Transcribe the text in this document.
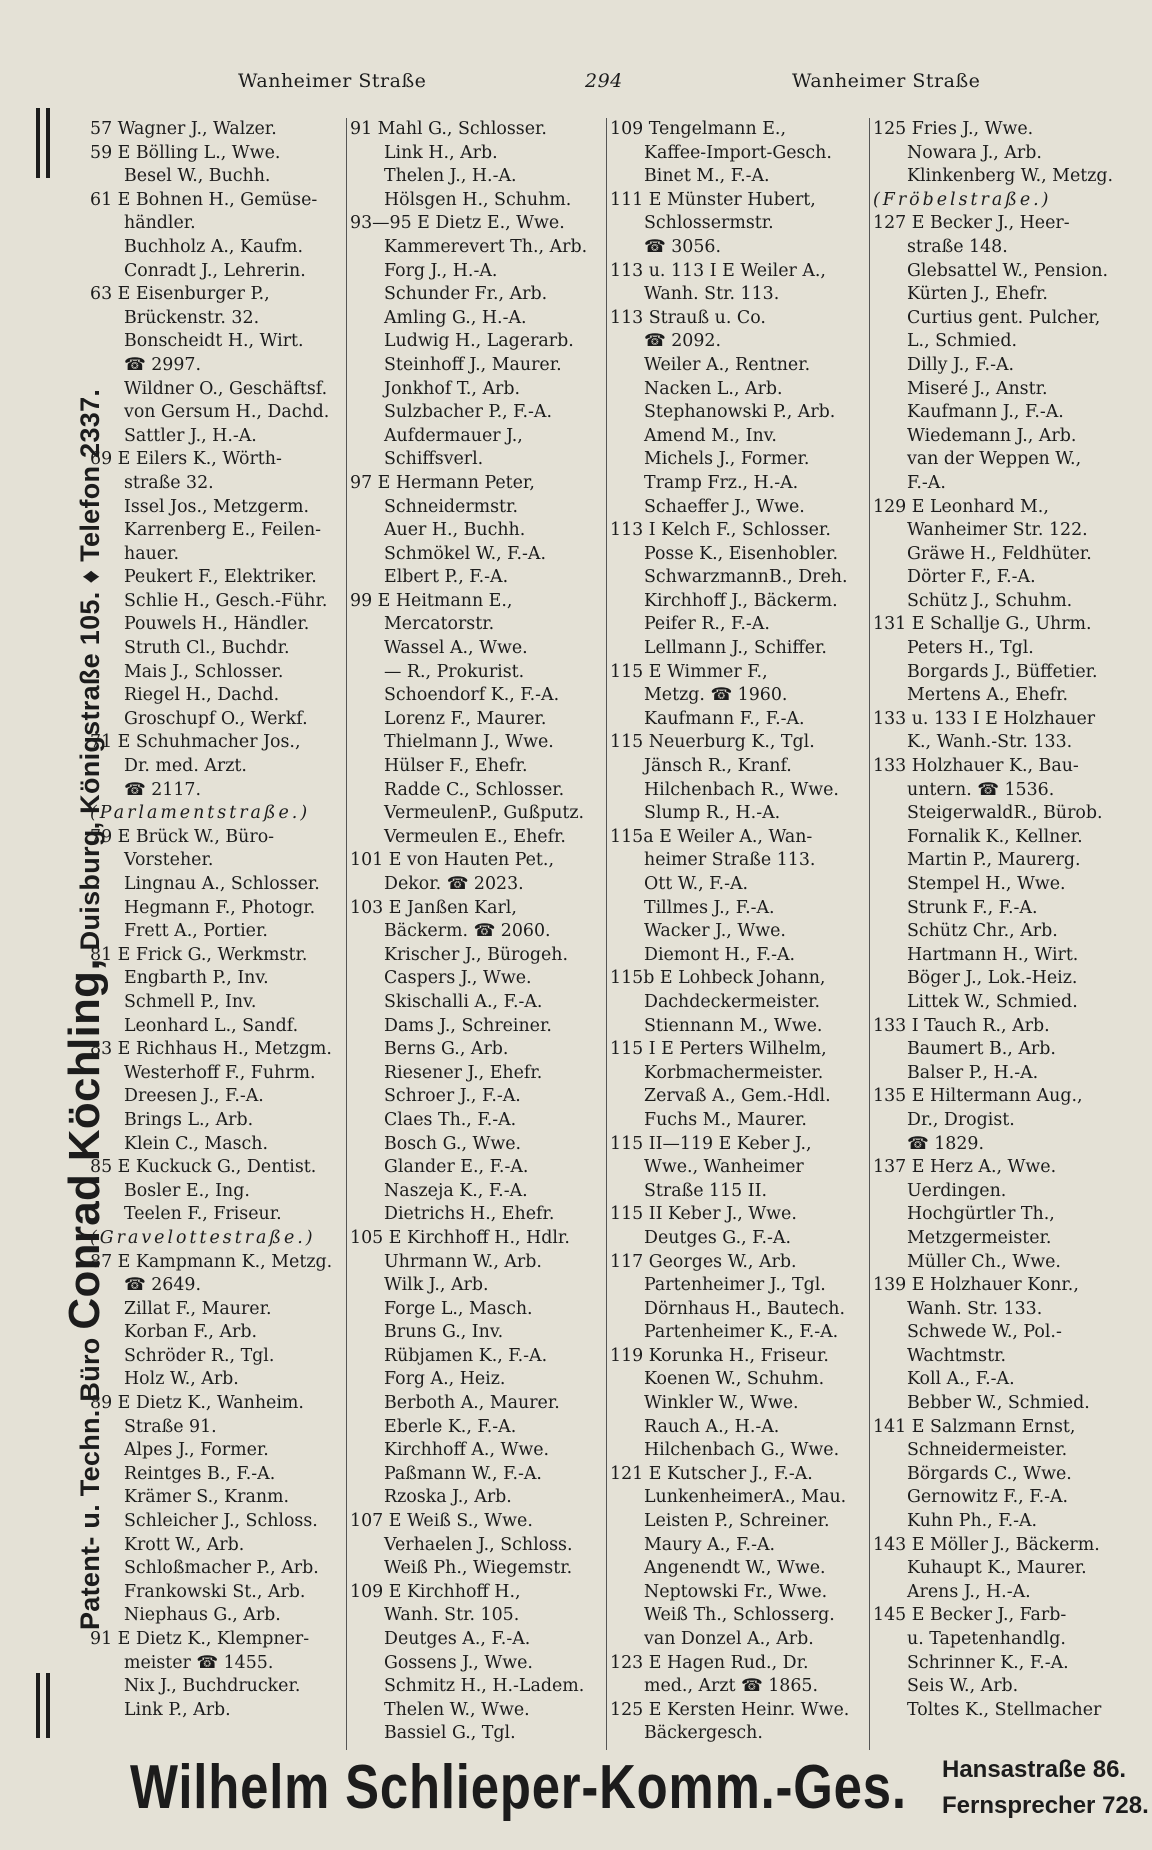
Wanheimer Straße	294	Wanheimer Straße
Patent- u. Techn. Büro Conrad Köchling, Duisburg, Königstraße 105. ♦ Telefon 2337.
57 Wagner J., Walzer.
59 E Bölling L., Wwe.
Besel W., Buchh.
61 E Bohnen H., Gemüse-
händler.
Buchholz A., Kaufm.
Conradt J., Lehrerin.
63 E Eisenburger P.,
Brückenstr. 32.
Bonscheidt H., Wirt.
☎ 2997.
Wildner O., Geschäftsf.
von Gersum H., Dachd.
Sattler J., H.-A.
69 E Eilers K., Wörth-
straße 32.
Issel Jos., Metzgerm.
Karrenberg E., Feilen-
hauer.
Peukert F., Elektriker.
Schlie H., Gesch.-Führ.
Pouwels H., Händler.
Struth Cl., Buchdr.
Mais J., Schlosser.
Riegel H., Dachd.
Groschupf O., Werkf.
71 E Schuhmacher Jos.,
Dr. med. Arzt.
☎ 2117.
(Parlamentstraße.)
79 E Brück W., Büro-
Vorsteher.
Lingnau A., Schlosser.
Hegmann F., Photogr.
Frett A., Portier.
81 E Frick G., Werkmstr.
Engbarth P., Inv.
Schmell P., Inv.
Leonhard L., Sandf.
83 E Richhaus H., Metzgm.
Westerhoff F., Fuhrm.
Dreesen J., F.-A.
Brings L., Arb.
Klein C., Masch.
85 E Kuckuck G., Dentist.
Bosler E., Ing.
Teelen F., Friseur.
(Gravelottestraße.)
87 E Kampmann K., Metzg.
☎ 2649.
Zillat F., Maurer.
Korban F., Arb.
Schröder R., Tgl.
Holz W., Arb.
89 E Dietz K., Wanheim.
Straße 91.
Alpes J., Former.
Reintges B., F.-A.
Krämer S., Kranm.
Schleicher J., Schloss.
Krott W., Arb.
Schloßmacher P., Arb.
Frankowski St., Arb.
Niephaus G., Arb.
91 E Dietz K., Klempner-
meister ☎ 1455.
Nix J., Buchdrucker.
Link P., Arb.
91 Mahl G., Schlosser.
Link H., Arb.
Thelen J., H.-A.
Hölsgen H., Schuhm.
93—95 E Dietz E., Wwe.
Kammerevert Th., Arb.
Forg J., H.-A.
Schunder Fr., Arb.
Amling G., H.-A.
Ludwig H., Lagerarb.
Steinhoff J., Maurer.
Jonkhof T., Arb.
Sulzbacher P., F.-A.
Aufdermauer J.,
Schiffsverl.
97 E Hermann Peter,
Schneidermstr.
Auer H., Buchh.
Schmökel W., F.-A.
Elbert P., F.-A.
99 E Heitmann E.,
Mercatorstr.
Wassel A., Wwe.
— R., Prokurist.
Schoendorf K., F.-A.
Lorenz F., Maurer.
Thielmann J., Wwe.
Hülser F., Ehefr.
Radde C., Schlosser.
VermeulenP., Gußputz.
Vermeulen E., Ehefr.
101 E von Hauten Pet.,
Dekor. ☎ 2023.
103 E Janßen Karl,
Bäckerm. ☎ 2060.
Krischer J., Bürogeh.
Caspers J., Wwe.
Skischalli A., F.-A.
Dams J., Schreiner.
Berns G., Arb.
Riesener J., Ehefr.
Schroer J., F.-A.
Claes Th., F.-A.
Bosch G., Wwe.
Glander E., F.-A.
Naszeja K., F.-A.
Dietrichs H., Ehefr.
105 E Kirchhoff H., Hdlr.
Uhrmann W., Arb.
Wilk J., Arb.
Forge L., Masch.
Bruns G., Inv.
Rübjamen K., F.-A.
Forg A., Heiz.
Berboth A., Maurer.
Eberle K., F.-A.
Kirchhoff A., Wwe.
Paßmann W., F.-A.
Rzoska J., Arb.
107 E Weiß S., Wwe.
Verhaelen J., Schloss.
Weiß Ph., Wiegemstr.
109 E Kirchhoff H.,
Wanh. Str. 105.
Deutges A., F.-A.
Gossens J., Wwe.
Schmitz H., H.-Ladem.
Thelen W., Wwe.
Bassiel G., Tgl.
109 Tengelmann E.,
Kaffee-Import-Gesch.
Binet M., F.-A.
111 E Münster Hubert,
Schlossermstr.
☎ 3056.
113 u. 113 I E Weiler A.,
Wanh. Str. 113.
113 Strauß u. Co.
☎ 2092.
Weiler A., Rentner.
Nacken L., Arb.
Stephanowski P., Arb.
Amend M., Inv.
Michels J., Former.
Tramp Frz., H.-A.
Schaeffer J., Wwe.
113 I Kelch F., Schlosser.
Posse K., Eisenhobler.
SchwarzmannB., Dreh.
Kirchhoff J., Bäckerm.
Peifer R., F.-A.
Lellmann J., Schiffer.
115 E Wimmer F.,
Metzg. ☎ 1960.
Kaufmann F., F.-A.
115 Neuerburg K., Tgl.
Jänsch R., Kranf.
Hilchenbach R., Wwe.
Slump R., H.-A.
115a E Weiler A., Wan-
heimer Straße 113.
Ott W., F.-A.
Tillmes J., F.-A.
Wacker J., Wwe.
Diemont H., F.-A.
115b E Lohbeck Johann,
Dachdeckermeister.
Stiennann M., Wwe.
115 I E Perters Wilhelm,
Korbmachermeister.
Zervaß A., Gem.-Hdl.
Fuchs M., Maurer.
115 II—119 E Keber J.,
Wwe., Wanheimer
Straße 115 II.
115 II Keber J., Wwe.
Deutges G., F.-A.
117 Georges W., Arb.
Partenheimer J., Tgl.
Dörnhaus H., Bautech.
Partenheimer K., F.-A.
119 Korunka H., Friseur.
Koenen W., Schuhm.
Winkler W., Wwe.
Rauch A., H.-A.
Hilchenbach G., Wwe.
121 E Kutscher J., F.-A.
LunkenheimerA., Mau.
Leisten P., Schreiner.
Maury A., F.-A.
Angenendt W., Wwe.
Neptowski Fr., Wwe.
Weiß Th., Schlosserg.
van Donzel A., Arb.
123 E Hagen Rud., Dr.
med., Arzt ☎ 1865.
125 E Kersten Heinr. Wwe.
Bäckergesch.
125 Fries J., Wwe.
Nowara J., Arb.
Klinkenberg W., Metzg.
(Fröbelstraße.)
127 E Becker J., Heer-
straße 148.
Glebsattel W., Pension.
Kürten J., Ehefr.
Curtius gent. Pulcher,
L., Schmied.
Dilly J., F.-A.
Miseré J., Anstr.
Kaufmann J., F.-A.
Wiedemann J., Arb.
van der Weppen W.,
F.-A.
129 E Leonhard M.,
Wanheimer Str. 122.
Gräwe H., Feldhüter.
Dörter F., F.-A.
Schütz J., Schuhm.
131 E Schallje G., Uhrm.
Peters H., Tgl.
Borgards J., Büffetier.
Mertens A., Ehefr.
133 u. 133 I E Holzhauer
K., Wanh.-Str. 133.
133 Holzhauer K., Bau-
untern. ☎ 1536.
SteigerwaldR., Bürob.
Fornalik K., Kellner.
Martin P., Maurerg.
Stempel H., Wwe.
Strunk F., F.-A.
Schütz Chr., Arb.
Hartmann H., Wirt.
Böger J., Lok.-Heiz.
Littek W., Schmied.
133 I Tauch R., Arb.
Baumert B., Arb.
Balser P., H.-A.
135 E Hiltermann Aug.,
Dr., Drogist.
☎ 1829.
137 E Herz A., Wwe.
Uerdingen.
Hochgürtler Th.,
Metzgermeister.
Müller Ch., Wwe.
139 E Holzhauer Konr.,
Wanh. Str. 133.
Schwede W., Pol.-
Wachtmstr.
Koll A., F.-A.
Bebber W., Schmied.
141 E Salzmann Ernst,
Schneidermeister.
Börgards C., Wwe.
Gernowitz F., F.-A.
Kuhn Ph., F.-A.
143 E Möller J., Bäckerm.
Kuhaupt K., Maurer.
Arens J., H.-A.
145 E Becker J., Farb-
u. Tapetenhandlg.
Schrinner K., F.-A.
Seis W., Arb.
Toltes K., Stellmacher
Wilhelm Schlieper-Komm.-Ges. Hansastraße 86.
Fernsprecher 728.
